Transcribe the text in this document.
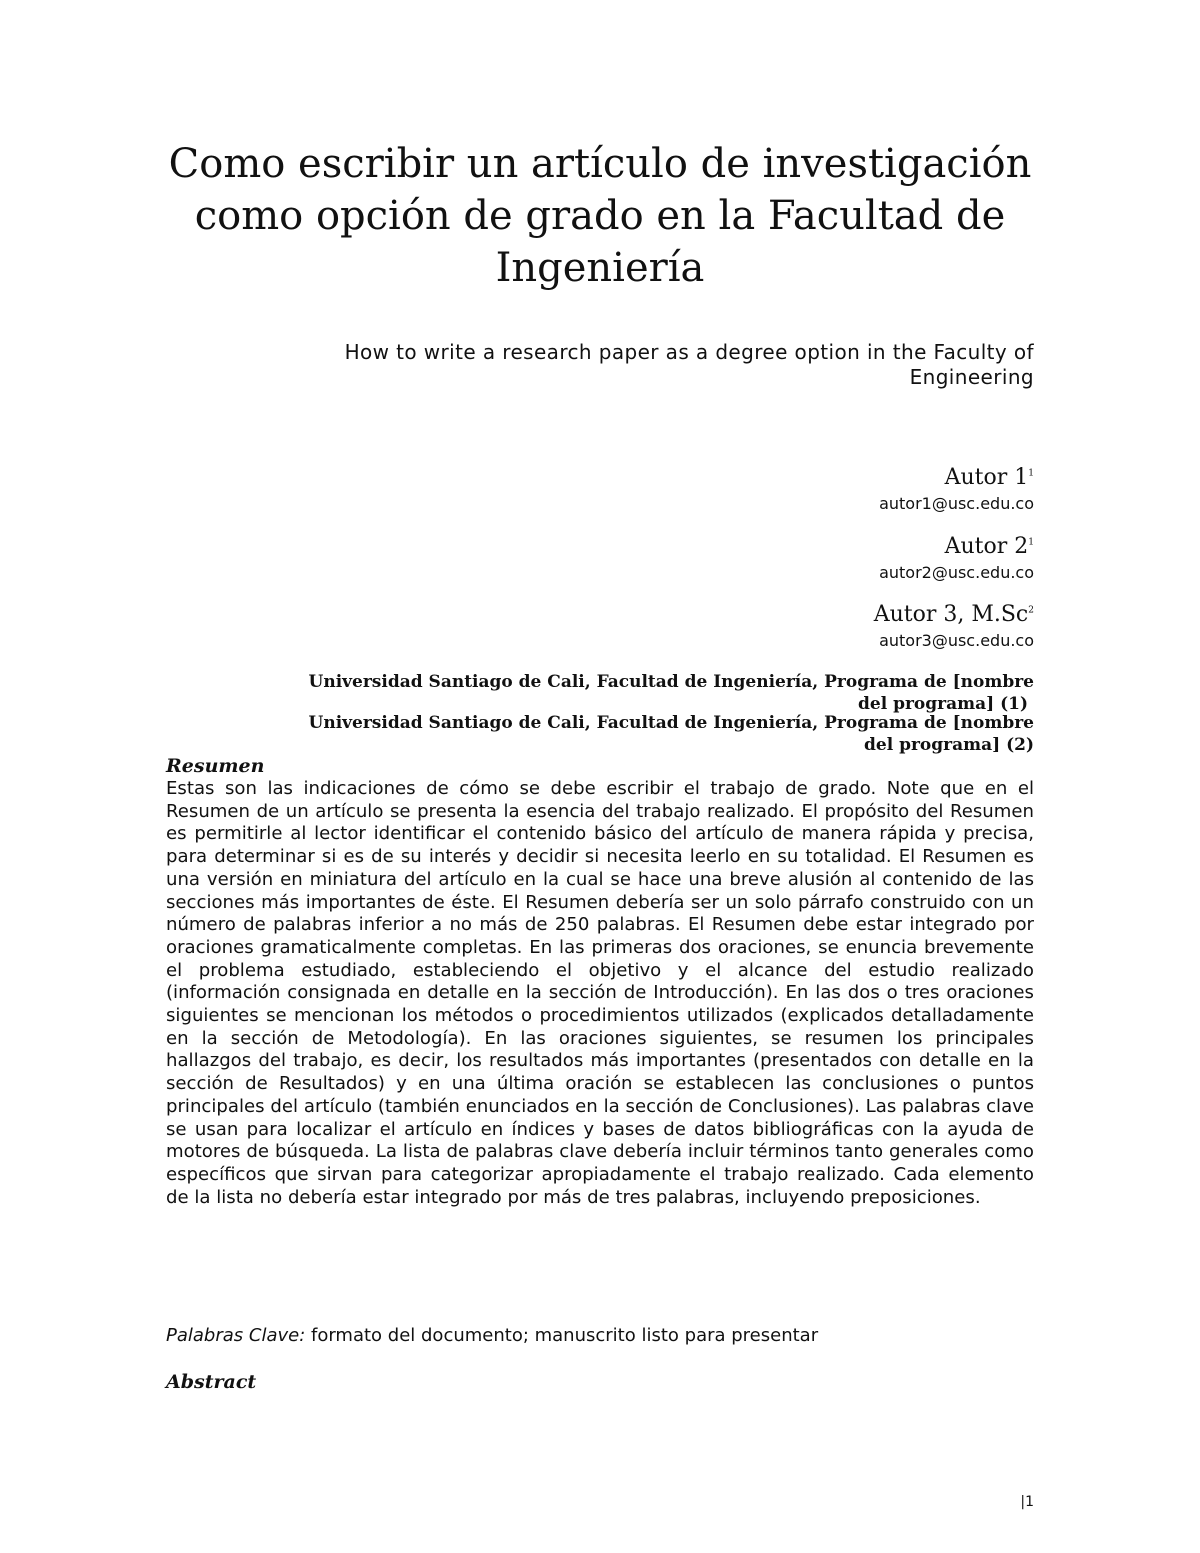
Como escribir un artículo de investigación
como opción de grado en la Facultad de
Ingeniería
How to write a research paper as a degree option in the Faculty of
Engineering
Autor $1^1$
autor1@usc.edu.co
Autor $2^1$
autor2@usc.edu.co
Autor 3, M.Sc$^2$
autor3@usc.edu.co
Universidad Santiago de Cali, Facultad de Ingeniería, Programa de [nombre

del programa] (1)
Universidad Santiago de Cali, Facultad de Ingeniería, Programa de [nombre

del programa] (2)
Resumen

Estas son las indicaciones de cómo se debe escribir el trabajo de grado. Note que en el Resumen de un artículo se presenta la esencia del trabajo realizado. El propósito del Resumen es permitirle al lector identificar el contenido básico del artículo de manera rápida y precisa, para determinar si es de su interés y decidir si necesita leerlo en su totalidad. El Resumen es una versión en miniatura del artículo en la cual se hace una breve alusión al contenido de las secciones más importantes de éste. El Resumen debería ser un solo párrafo construido con un número de palabras inferior a no más de 250 palabras. El Resumen debe estar integrado por oraciones gramaticalmente completas. En las primeras dos oraciones, se enuncia brevemente el problema estudiado, estableciendo el objetivo y el alcance del estudio realizado (información consignada en detalle en la sección de Introducción). En las dos o tres oraciones siguientes se mencionan los métodos o procedimientos utilizados (explicados detalladamente en la sección de Metodología). En las oraciones siguientes, se resumen los principales hallazgos del trabajo, es decir, los resultados más importantes (presentados con detalle en la sección de Resultados) y en una última oración se establecen las conclusiones o puntos principales del artículo (también enunciados en la sección de Conclusiones). Las palabras clave se usan para localizar el artículo en índices y bases de datos bibliográficas con la ayuda de motores de búsqueda. La lista de palabras clave debería incluir términos tanto generales como específicos que sirvan para categorizar apropiadamente el trabajo realizado. Cada elemento de la lista no debería estar integrado por más de tres palabras, incluyendo preposiciones.

Palabras Clave: formato del documento; manuscrito listo para presentar
Abstract
|1
